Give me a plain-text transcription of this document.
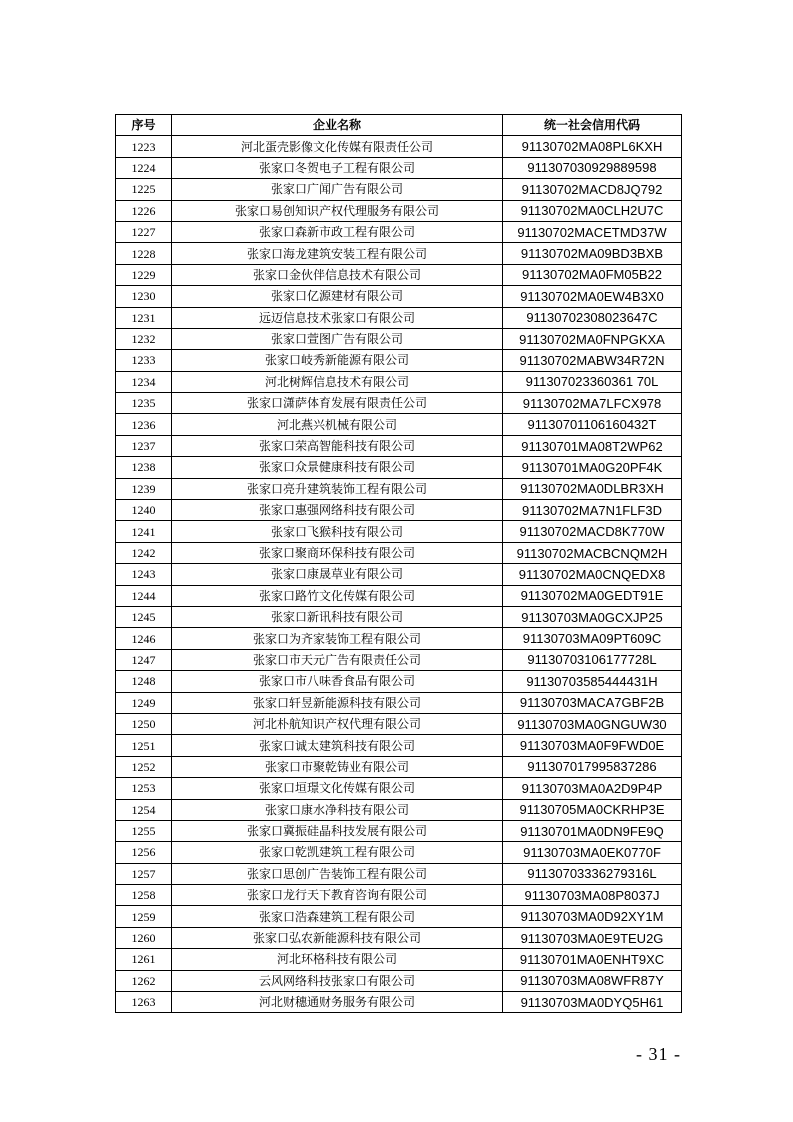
序号	企业名称	统一社会信用代码
1223	河北蛋壳影像文化传媒有限责任公司	91130702MA08PL6KXH
1224	张家口冬贺电子工程有限公司	911307030929889598
1225	张家口广闻广告有限公司	91130702MACD8JQ792
1226	张家口易创知识产权代理服务有限公司	91130702MA0CLH2U7C
1227	张家口森新市政工程有限公司	91130702MACETMD37W
1228	张家口海龙建筑安装工程有限公司	91130702MA09BD3BXB
1229	张家口金伙伴信息技术有限公司	91130702MA0FM05B22
1230	张家口亿源建材有限公司	91130702MA0EW4B3X0
1231	远迈信息技术张家口有限公司	91130702308023647C
1232	张家口萱图广告有限公司	91130702MA0FNPGKXA
1233	张家口岐秀新能源有限公司	91130702MABW34R72N
1234	河北树辉信息技术有限公司	911307023360361 70L
1235	张家口潇萨体育发展有限责任公司	91130702MA7LFCX978
1236	河北燕兴机械有限公司	91130701106160432T
1237	张家口荣高智能科技有限公司	91130701MA08T2WP62
1238	张家口众景健康科技有限公司	91130701MA0G20PF4K
1239	张家口亮升建筑装饰工程有限公司	91130702MA0DLBR3XH
1240	张家口惠强网络科技有限公司	91130702MA7N1FLF3D
1241	张家口飞猴科技有限公司	91130702MACD8K770W
1242	张家口聚商环保科技有限公司	91130702MACBCNQM2H
1243	张家口康晟草业有限公司	91130702MA0CNQEDX8
1244	张家口路竹文化传媒有限公司	91130702MA0GEDT91E
1245	张家口新讯科技有限公司	91130703MA0GCXJP25
1246	张家口为齐家装饰工程有限公司	91130703MA09PT609C
1247	张家口市天元广告有限责任公司	91130703106177728L
1248	张家口市八味香食品有限公司	91130703585444431H
1249	张家口轩昱新能源科技有限公司	91130703MACA7GBF2B
1250	河北朴航知识产权代理有限公司	91130703MA0GNGUW30
1251	张家口诚太建筑科技有限公司	91130703MA0F9FWD0E
1252	张家口市聚乾铸业有限公司	911307017995837286
1253	张家口垣璟文化传媒有限公司	91130703MA0A2D9P4P
1254	张家口康水净科技有限公司	91130705MA0CKRHP3E
1255	张家口冀振硅晶科技发展有限公司	91130701MA0DN9FE9Q
1256	张家口乾凯建筑工程有限公司	91130703MA0EK0770F
1257	张家口思创广告装饰工程有限公司	91130703336279316L
1258	张家口龙行天下教育咨询有限公司	91130703MA08P8037J
1259	张家口浩森建筑工程有限公司	91130703MA0D92XY1M
1260	张家口弘农新能源科技有限公司	91130703MA0E9TEU2G
1261	河北环格科技有限公司	91130701MA0ENHT9XC
1262	云风网络科技张家口有限公司	91130703MA08WFR87Y
1263	河北财穗通财务服务有限公司	91130703MA0DYQ5H61
- 31 -
